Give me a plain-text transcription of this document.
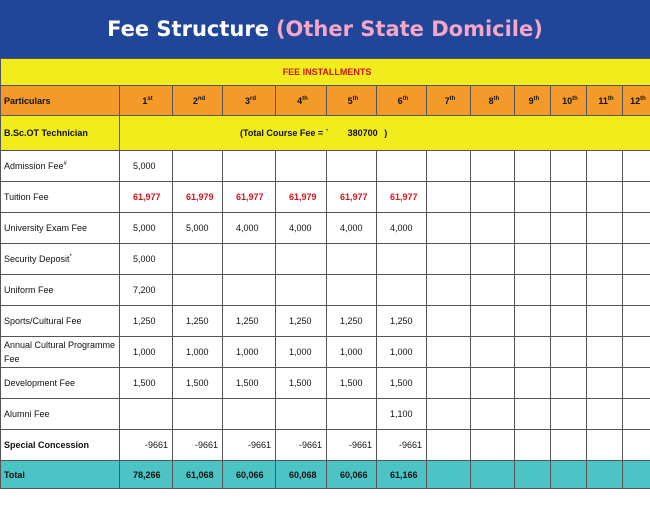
Fee Structure (Other State Domicile)
FEE INSTALLMENTS												
Particulars	1st	2nd	3rd	4th	5th	6th	7th	8th	9th	10th	11th	12th
B.Sc.OT Technician	(Total Course Fee = ` 380700 )											
Admission Fee#	5,000											
Tuition Fee	61,977	61,979	61,977	61,979	61,977	61,977						
University Exam Fee	5,000	5,000	4,000	4,000	4,000	4,000						
Security Deposit*	5,000											
Uniform Fee	7,200											
Sports/Cultural Fee	1,250	1,250	1,250	1,250	1,250	1,250						
Annual Cultural Programme Fee	1,000	1,000	1,000	1,000	1,000	1,000						
Development Fee	1,500	1,500	1,500	1,500	1,500	1,500						
Alumni Fee						1,100						
Special Concession	-9661	-9661	-9661	-9661	-9661	-9661						
Total	78,266	61,068	60,066	60,068	60,066	61,166						
